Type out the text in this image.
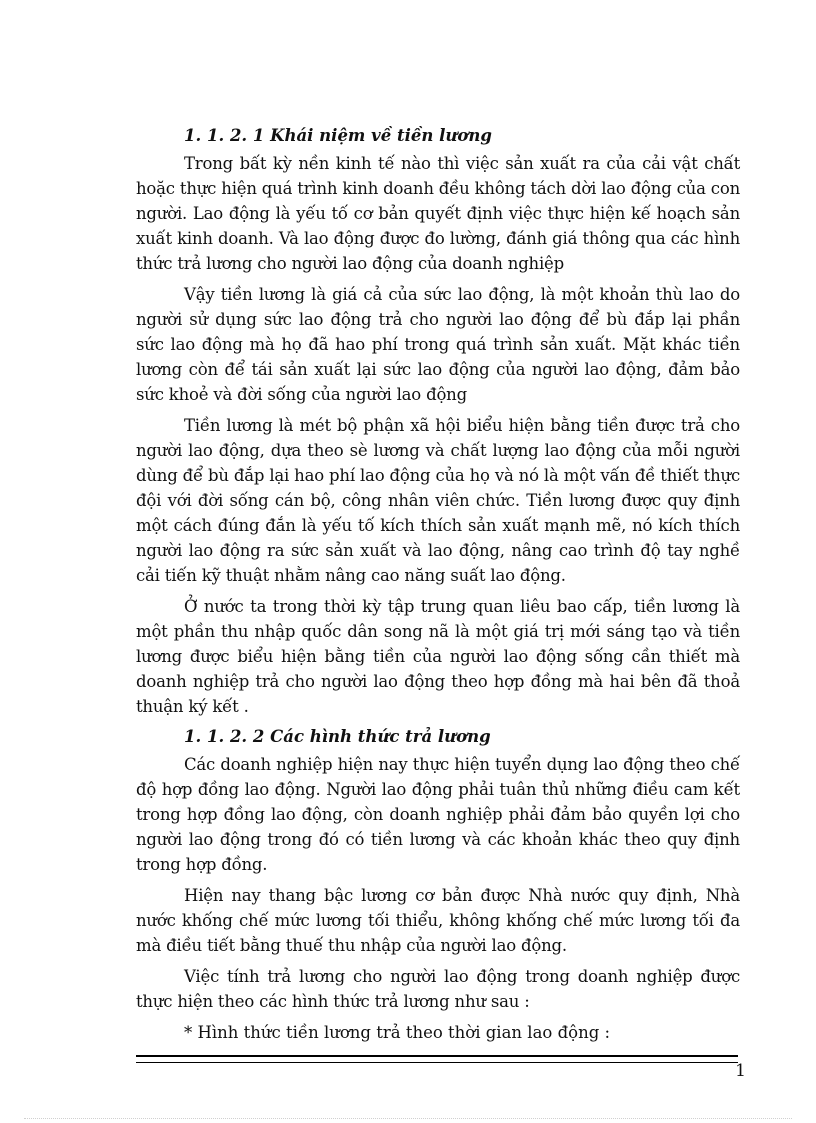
1. 1. 2. 1 Khái niệm về tiền lương

Trong bất kỳ nền kinh tế nào thì việc sản xuất ra của cải vật chất hoặc thực hiện quá trình kinh doanh đều không tách dời lao động của con người. Lao động là yếu tố cơ bản quyết định việc thực hiện kế hoạch sản xuất kinh doanh. Và lao động được đo lường, đánh giá thông qua các hình thức trả lương cho người lao động của doanh nghiệp

Vậy tiền lương là giá cả của sức lao động, là một khoản thù lao do người sử dụng sức lao động trả cho người lao động để bù đắp lại phần sức lao động mà họ đã hao phí trong quá trình sản xuất. Mặt khác tiền lương còn để tái sản xuất lại sức lao động của người lao động, đảm bảo sức khoẻ và đời sống của người lao động

Tiền lương là mét bộ phận xã hội biểu hiện bằng tiền được trả cho người lao động, dựa theo sè lương và chất lượng lao động của mỗi người dùng để bù đắp lại hao phí lao động của họ và nó là một vấn đề thiết thực đội với đời sống cán bộ, công nhân viên chức. Tiền lương được quy định một cách đúng đắn là yếu tố kích thích sản xuất mạnh mẽ, nó kích thích người lao động ra sức sản xuất và lao động, nâng cao trình độ tay nghề cải tiến kỹ thuật nhằm nâng cao năng suất lao động.

Ở nước ta trong thời kỳ tập trung quan liêu bao cấp, tiền lương là một phần thu nhập quốc dân song nã là một giá trị mới sáng tạo và tiền lương được biểu hiện bằng tiền của người lao động sống cần thiết mà doanh nghiệp trả cho người lao động theo hợp đồng mà hai bên đã thoả thuận ký kết .

1. 1. 2. 2 Các hình thức trả lương

Các doanh nghiệp hiện nay thực hiện tuyển dụng lao động theo chế độ hợp đồng lao động. Người lao động phải tuân thủ những điều cam kết trong hợp đồng lao động, còn doanh nghiệp phải đảm bảo quyền lợi cho người lao động trong đó có tiền lương và các khoản khác theo quy định trong hợp đồng.

Hiện nay thang bậc lương cơ bản được Nhà nước quy định, Nhà nước khống chế mức lương tối thiểu, không khống chế mức lương tối đa mà điều tiết bằng thuế thu nhập của người lao động.

Việc tính trả lương cho người lao động trong doanh nghiệp được thực hiện theo các hình thức trả lương như sau :

* Hình thức tiền lương trả theo thời gian lao động :

1
